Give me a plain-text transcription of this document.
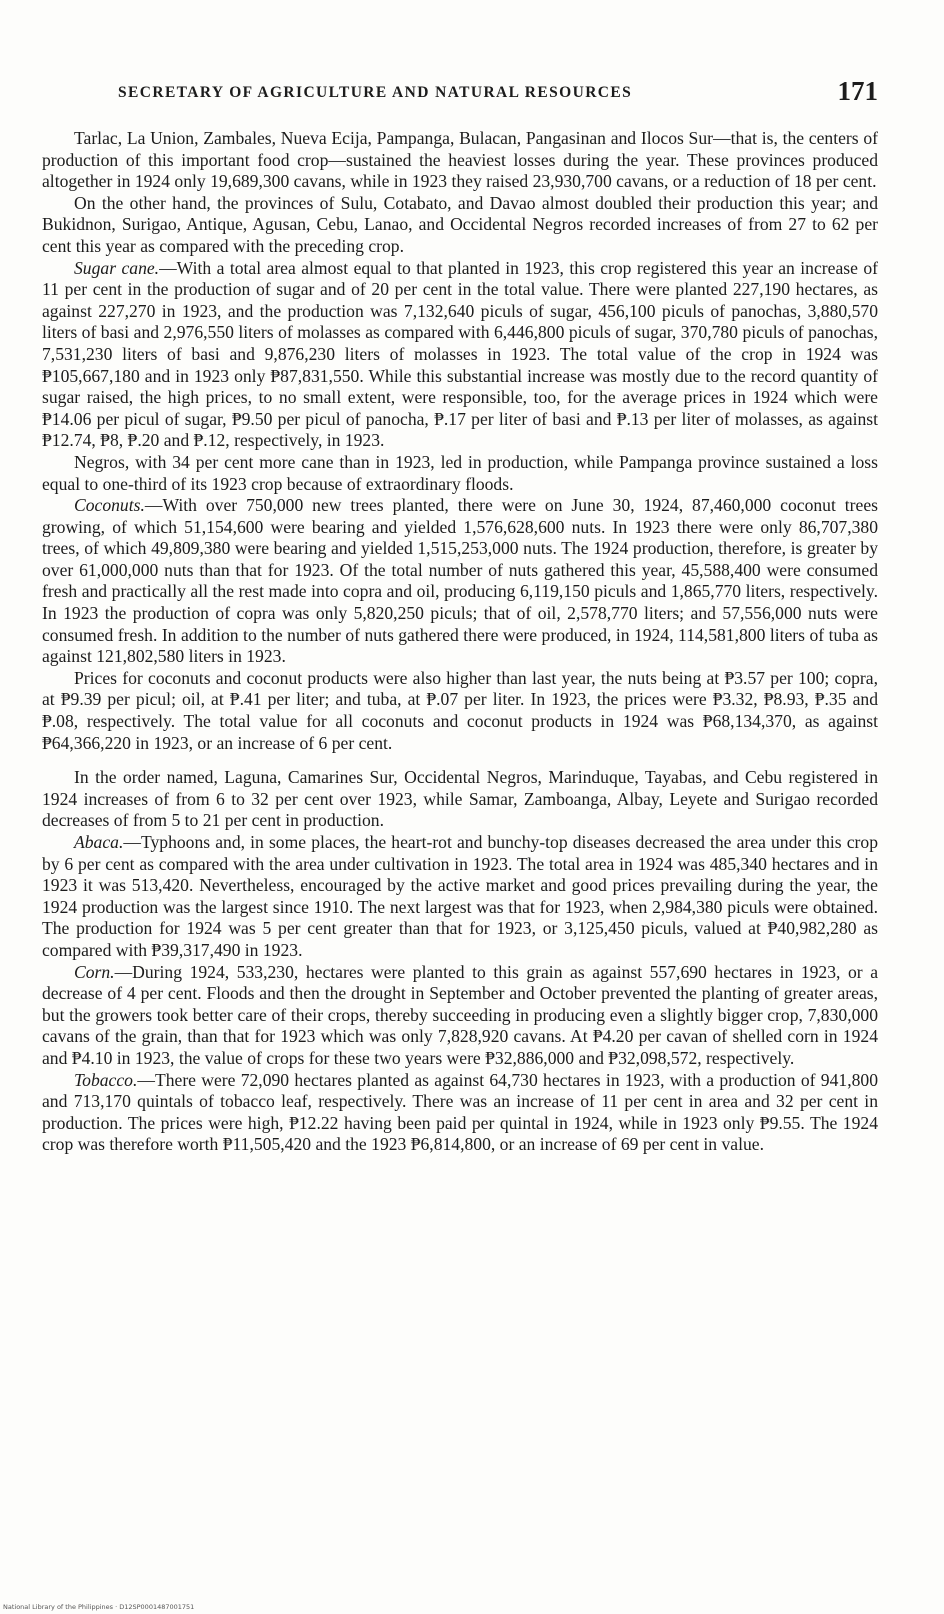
SECRETARY OF AGRICULTURE AND NATURAL RESOURCES	171

Tarlac, La Union, Zambales, Nueva Ecija, Pampanga, Bulacan, Pangasinan and Ilocos Sur—that is, the centers of production of this important food crop—sustained the heaviest losses during the year. These provinces produced altogether in 1924 only 19,689,300 cavans, while in 1923 they raised 23,930,700 cavans, or a reduction of 18 per cent.

On the other hand, the provinces of Sulu, Cotabato, and Davao almost doubled their production this year; and Bukidnon, Surigao, Antique, Agusan, Cebu, Lanao, and Occidental Negros recorded increases of from 27 to 62 per cent this year as compared with the preceding crop.

Sugar cane.—With a total area almost equal to that planted in 1923, this crop registered this year an increase of 11 per cent in the production of sugar and of 20 per cent in the total value. There were planted 227,190 hectares, as against 227,270 in 1923, and the production was 7,132,640 piculs of sugar, 456,100 piculs of panochas, 3,880,570 liters of basi and 2,976,550 liters of molasses as compared with 6,446,800 piculs of sugar, 370,780 piculs of panochas, 7,531,230 liters of basi and 9,876,230 liters of molasses in 1923. The total value of the crop in 1924 was ₱105,667,180 and in 1923 only ₱87,831,550. While this substantial increase was mostly due to the record quantity of sugar raised, the high prices, to no small extent, were responsible, too, for the average prices in 1924 which were ₱14.06 per picul of sugar, ₱9.50 per picul of panocha, ₱.17 per liter of basi and ₱.13 per liter of molasses, as against ₱12.74, ₱8, ₱.20 and ₱.12, respectively, in 1923.

Negros, with 34 per cent more cane than in 1923, led in production, while Pampanga province sustained a loss equal to one-third of its 1923 crop because of extraordinary floods.

Coconuts.—With over 750,000 new trees planted, there were on June 30, 1924, 87,460,000 coconut trees growing, of which 51,154,600 were bearing and yielded 1,576,628,600 nuts. In 1923 there were only 86,707,380 trees, of which 49,809,380 were bearing and yielded 1,515,253,000 nuts. The 1924 production, therefore, is greater by over 61,000,000 nuts than that for 1923. Of the total number of nuts gathered this year, 45,588,400 were consumed fresh and practically all the rest made into copra and oil, producing 6,119,150 piculs and 1,865,770 liters, respectively. In 1923 the production of copra was only 5,820,250 piculs; that of oil, 2,578,770 liters; and 57,556,000 nuts were consumed fresh. In addition to the number of nuts gathered there were produced, in 1924, 114,581,800 liters of tuba as against 121,802,580 liters in 1923.

Prices for coconuts and coconut products were also higher than last year, the nuts being at ₱3.57 per 100; copra, at ₱9.39 per picul; oil, at ₱.41 per liter; and tuba, at ₱.07 per liter. In 1923, the prices were ₱3.32, ₱8.93, ₱.35 and ₱.08, respectively. The total value for all coconuts and coconut products in 1924 was ₱68,134,370, as against ₱64,366,220 in 1923, or an increase of 6 per cent.

In the order named, Laguna, Camarines Sur, Occidental Negros, Marinduque, Tayabas, and Cebu registered in 1924 increases of from 6 to 32 per cent over 1923, while Samar, Zamboanga, Albay, Leyete and Surigao recorded decreases of from 5 to 21 per cent in production.

Abaca.—Typhoons and, in some places, the heart-rot and bunchy-top diseases decreased the area under this crop by 6 per cent as compared with the area under cultivation in 1923. The total area in 1924 was 485,340 hectares and in 1923 it was 513,420. Nevertheless, encouraged by the active market and good prices prevailing during the year, the 1924 production was the largest since 1910. The next largest was that for 1923, when 2,984,380 piculs were obtained. The production for 1924 was 5 per cent greater than that for 1923, or 3,125,450 piculs, valued at ₱40,982,280 as compared with ₱39,317,490 in 1923.

Corn.—During 1924, 533,230, hectares were planted to this grain as against 557,690 hectares in 1923, or a decrease of 4 per cent. Floods and then the drought in September and October prevented the planting of greater areas, but the growers took better care of their crops, thereby succeeding in producing even a slightly bigger crop, 7,830,000 cavans of the grain, than that for 1923 which was only 7,828,920 cavans. At ₱4.20 per cavan of shelled corn in 1924 and ₱4.10 in 1923, the value of crops for these two years were ₱32,886,000 and ₱32,098,572, respectively.

Tobacco.—There were 72,090 hectares planted as against 64,730 hectares in 1923, with a production of 941,800 and 713,170 quintals of tobacco leaf, respectively. There was an increase of 11 per cent in area and 32 per cent in production. The prices were high, ₱12.22 having been paid per quintal in 1924, while in 1923 only ₱9.55. The 1924 crop was therefore worth ₱11,505,420 and the 1923 ₱6,814,800, or an increase of 69 per cent in value.

National Library of the Philippines · D12SP0001487001751
